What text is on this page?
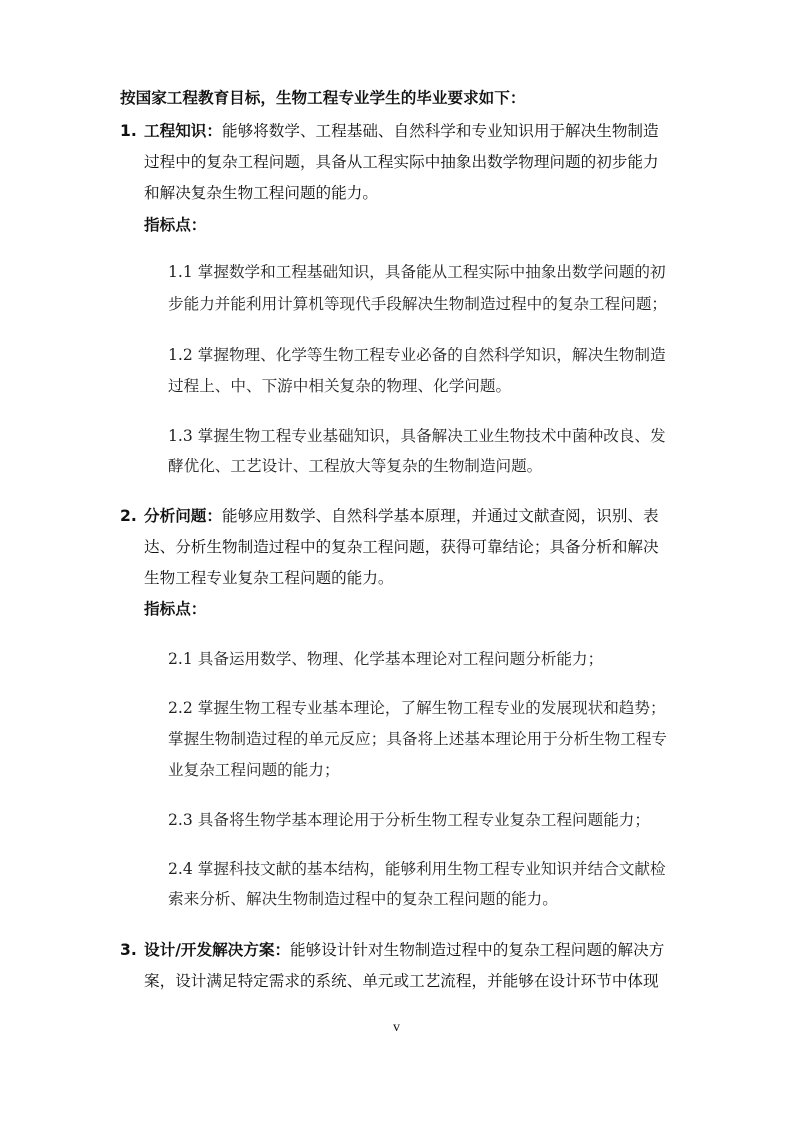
按国家工程教育目标，生物工程专业学生的毕业要求如下：
1. 工程知识：能够将数学、工程基础、自然科学和专业知识用于解决生物制造
过程中的复杂工程问题，具备从工程实际中抽象出数学物理问题的初步能力
和解决复杂生物工程问题的能力。
指标点：
1.1 掌握数学和工程基础知识，具备能从工程实际中抽象出数学问题的初
步能力并能利用计算机等现代手段解决生物制造过程中的复杂工程问题；
1.2 掌握物理、化学等生物工程专业必备的自然科学知识，解决生物制造
过程上、中、下游中相关复杂的物理、化学问题。
1.3 掌握生物工程专业基础知识，具备解决工业生物技术中菌种改良、发
酵优化、工艺设计、工程放大等复杂的生物制造问题。
2. 分析问题：能够应用数学、自然科学基本原理，并通过文献查阅，识别、表
达、分析生物制造过程中的复杂工程问题，获得可靠结论；具备分析和解决
生物工程专业复杂工程问题的能力。
指标点：
2.1 具备运用数学、物理、化学基本理论对工程问题分析能力；
2.2 掌握生物工程专业基本理论，了解生物工程专业的发展现状和趋势；
掌握生物制造过程的单元反应；具备将上述基本理论用于分析生物工程专
业复杂工程问题的能力；
2.3 具备将生物学基本理论用于分析生物工程专业复杂工程问题能力；
2.4 掌握科技文献的基本结构，能够利用生物工程专业知识并结合文献检
索来分析、解决生物制造过程中的复杂工程问题的能力。
3. 设计/开发解决方案：能够设计针对生物制造过程中的复杂工程问题的解决方
案，设计满足特定需求的系统、单元或工艺流程，并能够在设计环节中体现
v
